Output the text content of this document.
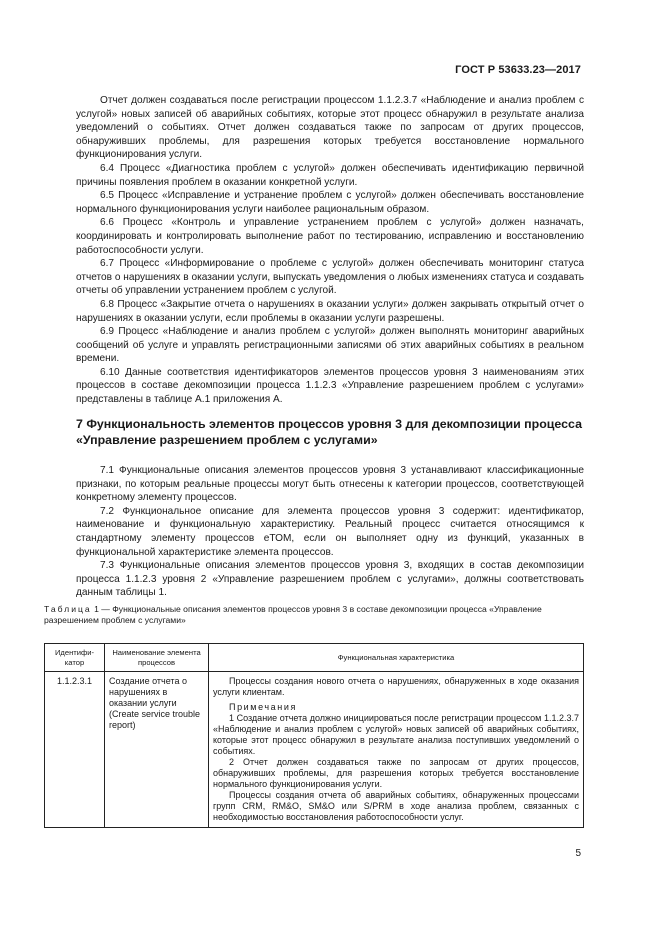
ГОСТ Р 53633.23—2017

Отчет должен создаваться после регистрации процессом 1.1.2.3.7 «Наблюдение и анализ проблем с услугой» новых записей об аварийных событиях, которые этот процесс обнаружил в результате анализа уведомлений о событиях. Отчет должен создаваться также по запросам от других процессов, обнаруживших проблемы, для разрешения которых требуется восстановление нормального функционирования услуги.

6.4 Процесс «Диагностика проблем с услугой» должен обеспечивать идентификацию первичной причины появления проблем в оказании конкретной услуги.

6.5 Процесс «Исправление и устранение проблем с услугой» должен обеспечивать восстановление нормального функционирования услуги наиболее рациональным образом.

6.6 Процесс «Контроль и управление устранением проблем с услугой» должен назначать, координировать и контролировать выполнение работ по тестированию, исправлению и восстановлению работоспособности услуги.

6.7 Процесс «Информирование о проблеме с услугой» должен обеспечивать мониторинг статуса отчетов о нарушениях в оказании услуги, выпускать уведомления о любых изменениях статуса и создавать отчеты об управлении устранением проблем с услугой.

6.8 Процесс «Закрытие отчета о нарушениях в оказании услуги» должен закрывать открытый отчет о нарушениях в оказании услуги, если проблемы в оказании услуги разрешены.

6.9 Процесс «Наблюдение и анализ проблем с услугой» должен выполнять мониторинг аварийных сообщений об услуге и управлять регистрационными записями об этих аварийных событиях в реальном времени.

6.10 Данные соответствия идентификаторов элементов процессов уровня 3 наименованиям этих процессов в составе декомпозиции процесса 1.1.2.3 «Управление разрешением проблем с услугами» представлены в таблице А.1 приложения А.

7 Функциональность элементов процессов уровня 3 для декомпозиции процесса «Управление разрешением проблем с услугами»

7.1 Функциональные описания элементов процессов уровня 3 устанавливают классификационные признаки, по которым реальные процессы могут быть отнесены к категории процессов, соответствующей конкретному элементу процессов.

7.2 Функциональное описание для элемента процессов уровня 3 содержит: идентификатор, наименование и функциональную характеристику. Реальный процесс считается относящимся к стандартному элементу процессов еТОМ, если он выполняет одну из функций, указанных в функциональной характеристике элемента процессов.

7.3 Функциональные описания элементов процессов уровня 3, входящих в состав декомпозиции процесса 1.1.2.3 уровня 2 «Управление разрешением проблем с услугами», должны соответствовать данным таблицы 1.

Таблица 1 — Функциональные описания элементов процессов уровня 3 в составе декомпозиции процесса «Управление разрешением проблем с услугами»
Идентифи-катор	Наименование элемента процессов	Функциональная характеристика
1.1.2.3.1	Создание отчета о нарушениях в оказании услуги (Create service trouble report)	Процессы создания нового отчета о нарушениях, обнаруженных в ходе оказания услуги клиентам.

Примечания

1 Создание отчета должно инициироваться после регистрации процессом 1.1.2.3.7 «Наблюдение и анализ проблем с услугой» новых записей об аварийных событиях, которые этот процесс обнаружил в результате анализа поступивших уведомлений о событиях.

2 Отчет должен создаваться также по запросам от других процессов, обнаруживших проблемы, для разрешения которых требуется восстановление нормального функционирования услуги.

Процессы создания отчета об аварийных событиях, обнаруженных процессами групп CRM, RM&O, SM&O или S/PRM в ходе анализа проблем, связанных с необходимостью восстановления работоспособности услуг.

5
